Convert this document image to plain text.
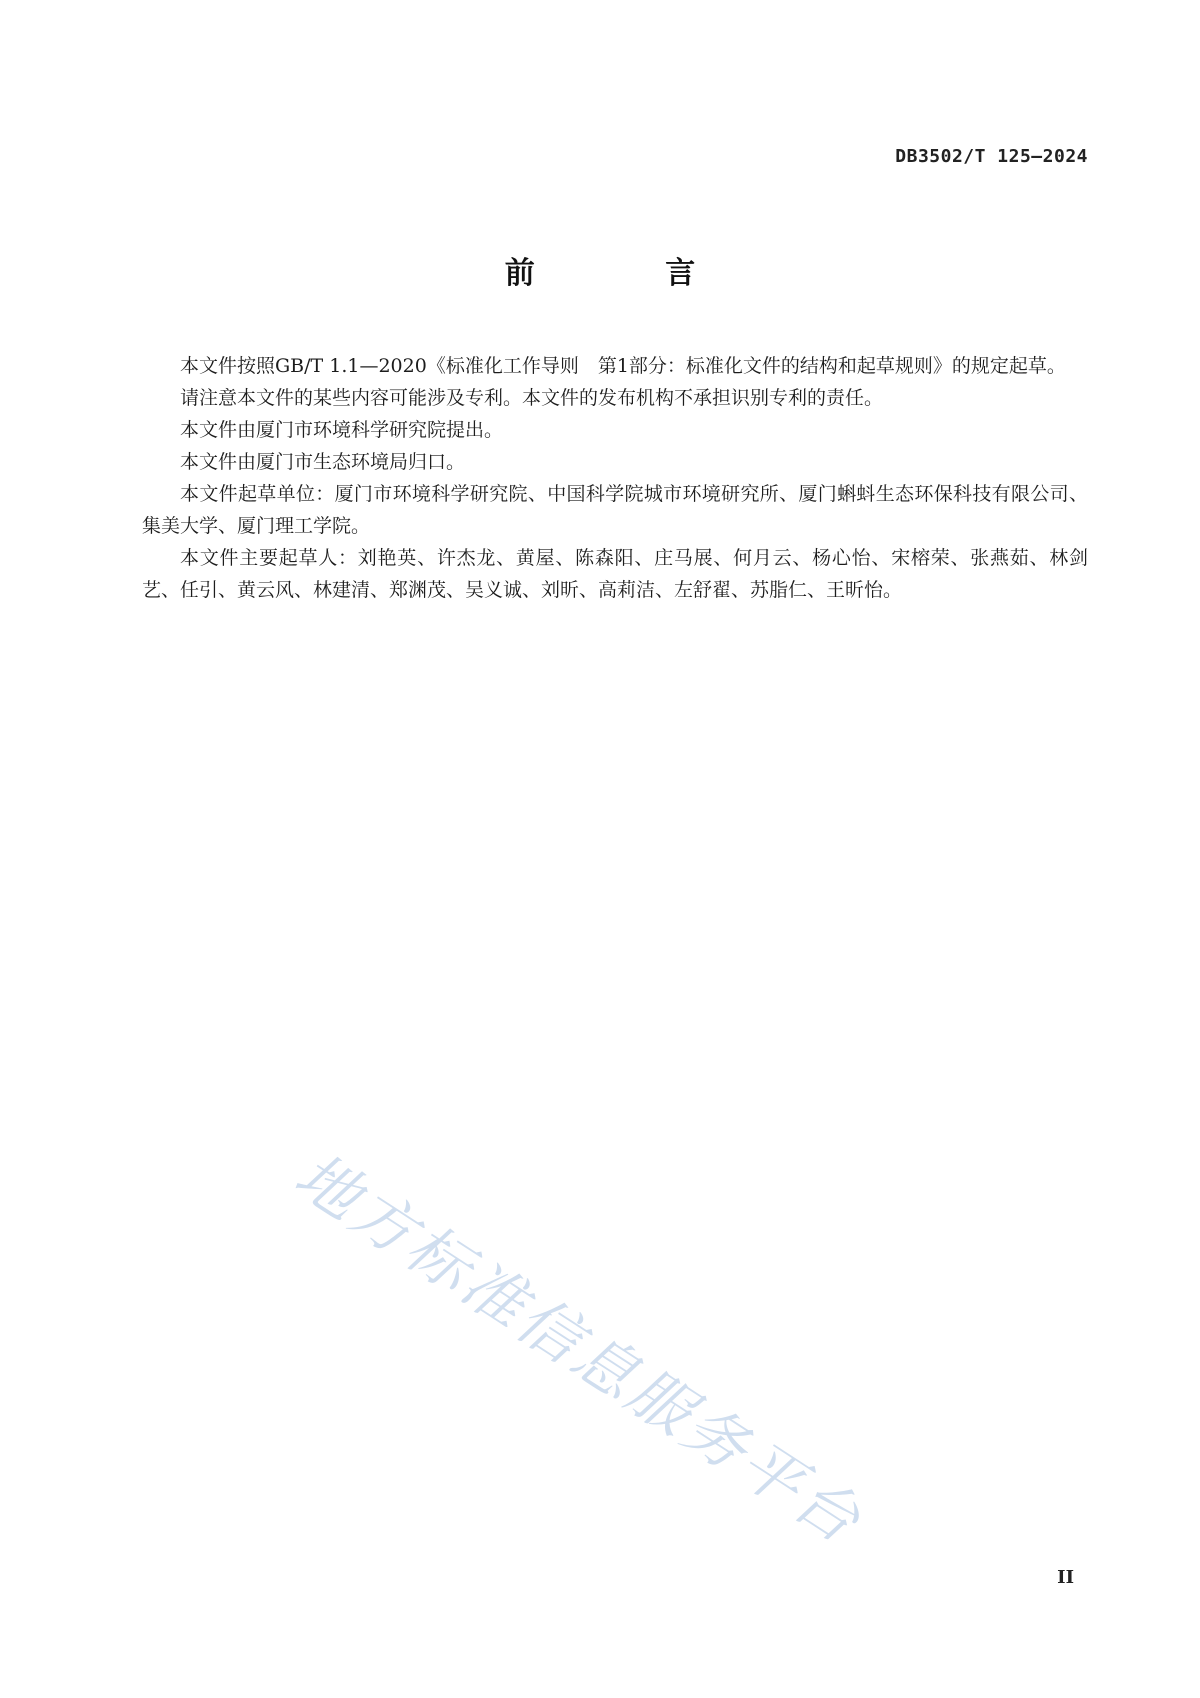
DB3502/T 125—2024
前 言

本文件按照GB/T 1.1—2020《标准化工作导则　第1部分：标准化文件的结构和起草规则》的规定起草。

请注意本文件的某些内容可能涉及专利。本文件的发布机构不承担识别专利的责任。

本文件由厦门市环境科学研究院提出。

本文件由厦门市生态环境局归口。

本文件起草单位：厦门市环境科学研究院、中国科学院城市环境研究所、厦门蝌蚪生态环保科技有限公司、集美大学、厦门理工学院。

本文件主要起草人：刘艳英、许杰龙、黄屋、陈森阳、庄马展、何月云、杨心怡、宋榕荣、张燕茹、林剑艺、任引、黄云风、林建清、郑渊茂、吴义诚、刘昕、高莉洁、左舒翟、苏脂仁、王昕怡。

地方标准信息服务平台
II
